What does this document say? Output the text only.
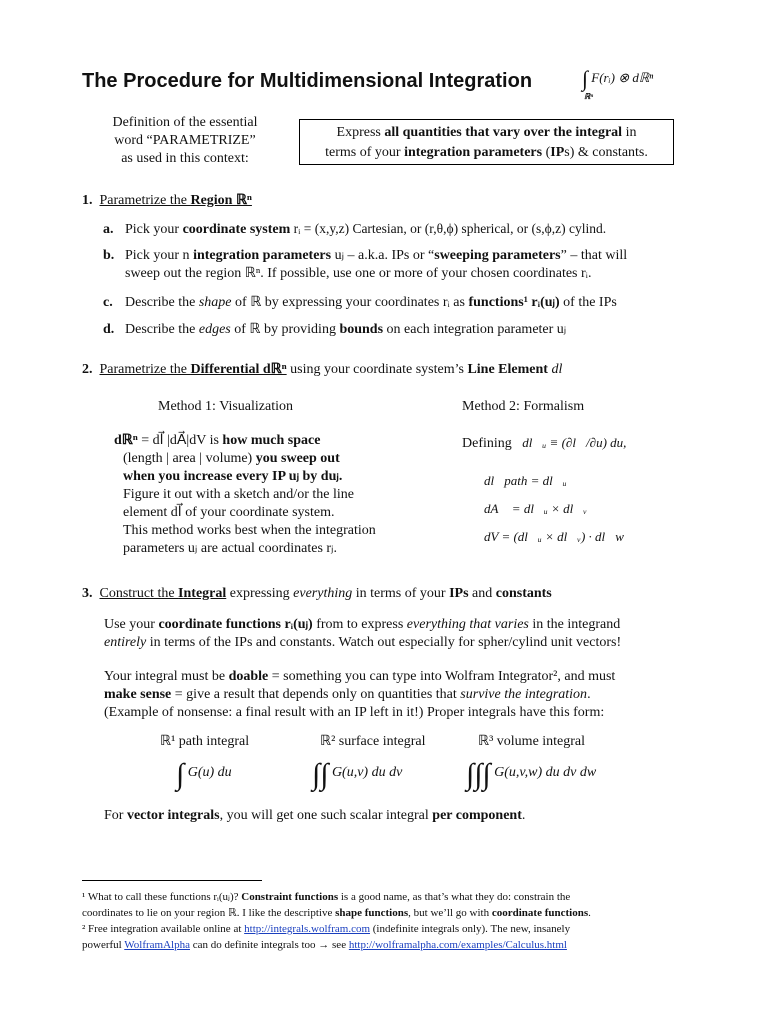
The Procedure for Multidimensional Integration ∫ F(rᵢ) ⊗ dℝⁿ
ℝⁿ
Definition of the essential
word “PARAMETRIZE”
as used in this context:
Express all quantities that vary over the integral in
terms of your integration parameters (IPs) & constants.
1. Parametrize the Region ℝⁿ
a. Pick your coordinate system rᵢ = (x,y,z) Cartesian, or (r,θ,ϕ) spherical, or (s,ϕ,z) cylind.
b. Pick your n integration parameters uⱼ – a.k.a. IPs or “sweeping parameters” – that will
sweep out the region ℝⁿ. If possible, use one or more of your chosen coordinates rᵢ.
c. Describe the shape of ℝ by expressing your coordinates rᵢ as functions¹ rᵢ(uⱼ) of the IPs
d. Describe the edges of ℝ by providing bounds on each integration parameter uⱼ
2. Parametrize the Differential dℝⁿ using your coordinate system’s Line Element dl⃗
Method 1: Visualization	Method 2: Formalism
dℝⁿ = dl⃗ |dA⃗|dV is how much space
(length | area | volume) you sweep out
when you increase every IP uⱼ by duⱼ.
Figure it out with a sketch and/or the line
element dl⃗ of your coordinate system.
This method works best when the integration
parameters uⱼ are actual coordinates rⱼ.
Defining dl⃗ᵤ ≡ (∂l⃗/∂u) du,
dl⃗path = dl⃗ᵤ
dA⃗ = dl⃗ᵤ × dl⃗ᵥ
dV = (dl⃗ᵤ × dl⃗ᵥ) · dl⃗w
3. Construct the Integral expressing everything in terms of your IPs and constants
Use your coordinate functions rᵢ(uⱼ) from to express everything that varies in the integrand
entirely in terms of the IPs and constants. Watch out especially for spher/cylind unit vectors!
Your integral must be doable = something you can type into Wolfram Integrator², and must
make sense = give a result that depends only on quantities that survive the integration.
(Example of nonsense: a final result with an IP left in it!) Proper integrals have this form:
ℝ¹ path integral	ℝ² surface integral	ℝ³ volume integral
∫ G(u) du	∫∫ G(u,v) du dv ∫∫∫ G(u,v,w) du dv dw
For vector integrals, you will get one such scalar integral per component.
¹ What to call these functions rᵢ(uⱼ)? Constraint functions is a good name, as that’s what they do: constrain the
coordinates to lie on your region ℝ. I like the descriptive shape functions, but we’ll go with coordinate functions.
² Free integration available online at http://integrals.wolfram.com (indefinite integrals only). The new, insanely
powerful WolframAlpha can do definite integrals too → see http://wolframalpha.com/examples/Calculus.html
